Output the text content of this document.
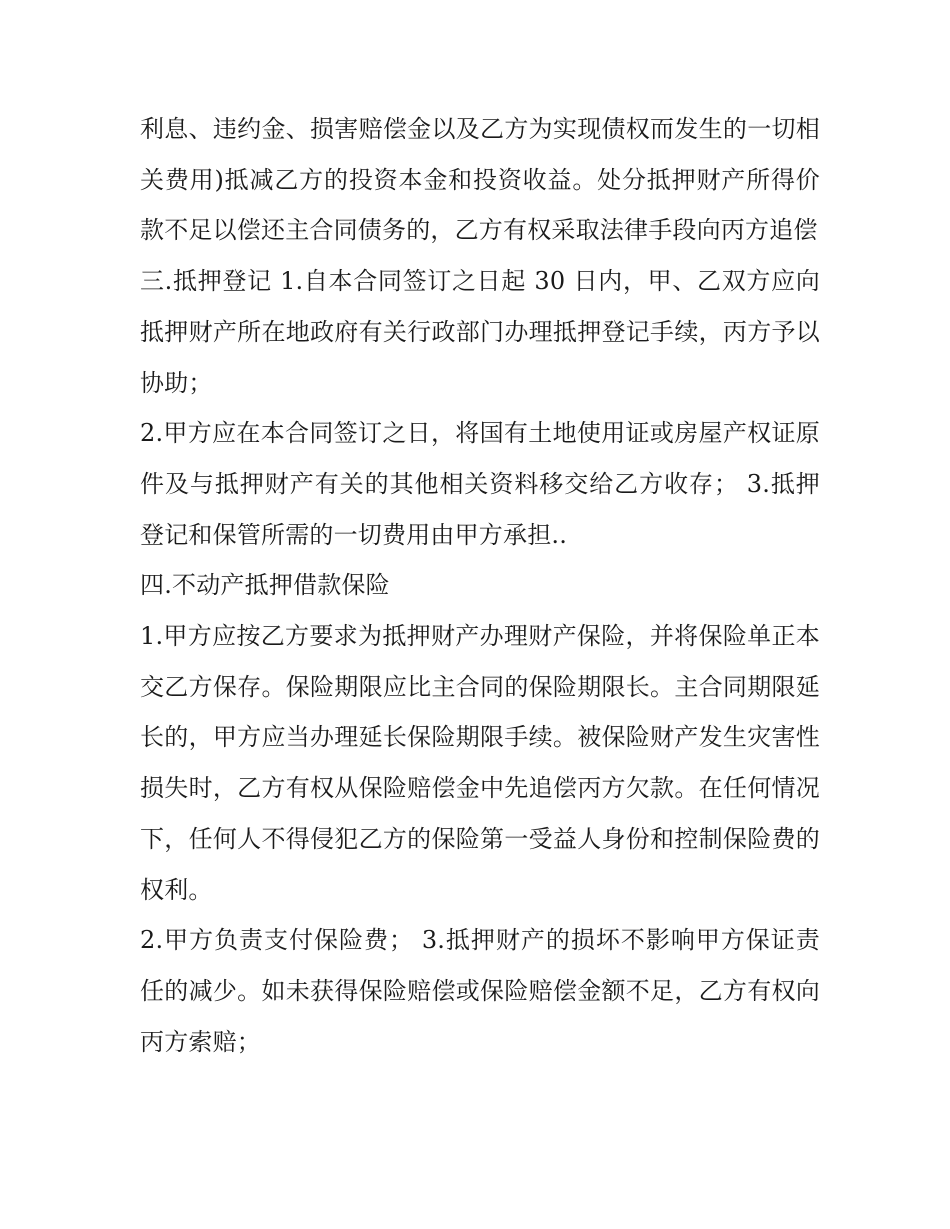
利息、违约金、损害赔偿金以及乙方为实现债权而发生的一切相关费用)抵减乙方的投资本金和投资收益。处分抵押财产所得价款不足以偿还主合同债务的，乙方有权采取法律手段向丙方追偿

三.抵押登记 1.自本合同签订之日起 30 日内，甲、乙双方应向抵押财产所在地政府有关行政部门办理抵押登记手续，丙方予以协助；

2.甲方应在本合同签订之日，将国有土地使用证或房屋产权证原件及与抵押财产有关的其他相关资料移交给乙方收存； 3.抵押登记和保管所需的一切费用由甲方承担..

四.不动产抵押借款保险

1.甲方应按乙方要求为抵押财产办理财产保险，并将保险单正本交乙方保存。保险期限应比主合同的保险期限长。主合同期限延长的，甲方应当办理延长保险期限手续。被保险财产发生灾害性损失时，乙方有权从保险赔偿金中先追偿丙方欠款。在任何情况下，任何人不得侵犯乙方的保险第一受益人身份和控制保险费的权利。

2.甲方负责支付保险费； 3.抵押财产的损坏不影响甲方保证责任的减少。如未获得保险赔偿或保险赔偿金额不足，乙方有权向丙方索赔；
